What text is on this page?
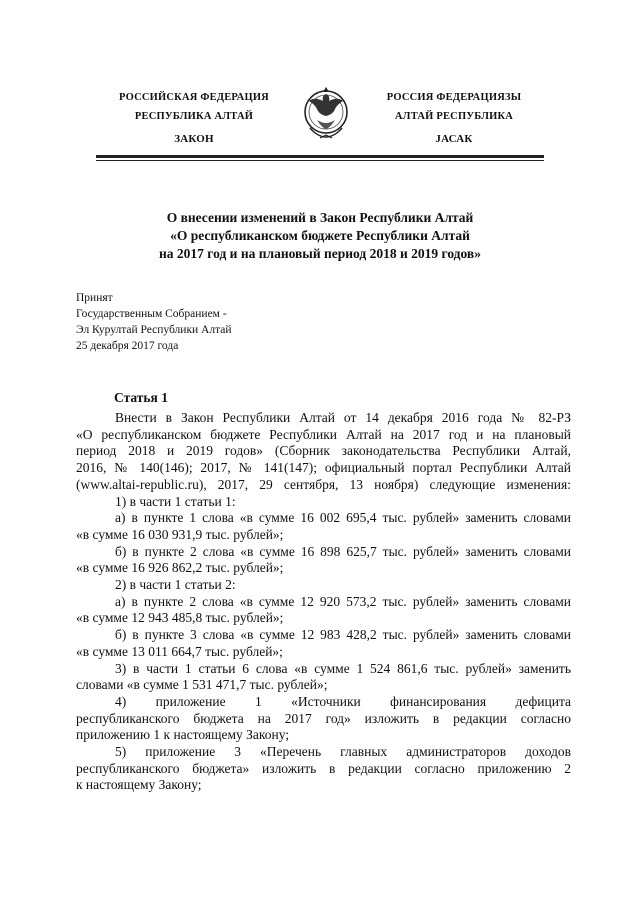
РОССИЙСКАЯ ФЕДЕРАЦИЯ
РЕСПУБЛИКА АЛТАЙ
ЗАКОН
РОССИЯ ФЕДЕРАЦИЯЗЫ
АЛТАЙ РЕСПУБЛИКА
ЈАСАК
О внесении изменений в Закон Республики Алтай
«О республиканском бюджете Республики Алтай
на 2017 год и на плановый период 2018 и 2019 годов»
Принят
Государственным Собранием -
Эл Курултай Республики Алтай
25 декабря 2017 года
Статья 1

Внести в Закон Республики Алтай от 14 декабря 2016 года № 82-РЗ

«О республиканском бюджете Республики Алтай на 2017 год и на плановый

период 2018 и 2019 годов» (Сборник законодательства Республики Алтай,

2016, № 140(146); 2017, № 141(147); официальный портал Республики Алтай

(www.altai-republic.ru), 2017, 29 сентября, 13 ноября) следующие изменения:

1) в части 1 статьи 1:

а) в пункте 1 слова «в сумме 16 002 695,4 тыс. рублей» заменить словами

«в сумме 16 030 931,9 тыс. рублей»;

б) в пункте 2 слова «в сумме 16 898 625,7 тыс. рублей» заменить словами

«в сумме 16 926 862,2 тыс. рублей»;

2) в части 1 статьи 2:

а) в пункте 2 слова «в сумме 12 920 573,2 тыс. рублей» заменить словами

«в сумме 12 943 485,8 тыс. рублей»;

б) в пункте 3 слова «в сумме 12 983 428,2 тыс. рублей» заменить словами

«в сумме 13 011 664,7 тыс. рублей»;

3) в части 1 статьи 6 слова «в сумме 1 524 861,6 тыс. рублей» заменить

словами «в сумме 1 531 471,7 тыс. рублей»;

4) приложение 1 «Источники финансирования дефицита

республиканского бюджета на 2017 год» изложить в редакции согласно

приложению 1 к настоящему Закону;

5) приложение 3 «Перечень главных администраторов доходов

республиканского бюджета» изложить в редакции согласно приложению 2

к настоящему Закону;
